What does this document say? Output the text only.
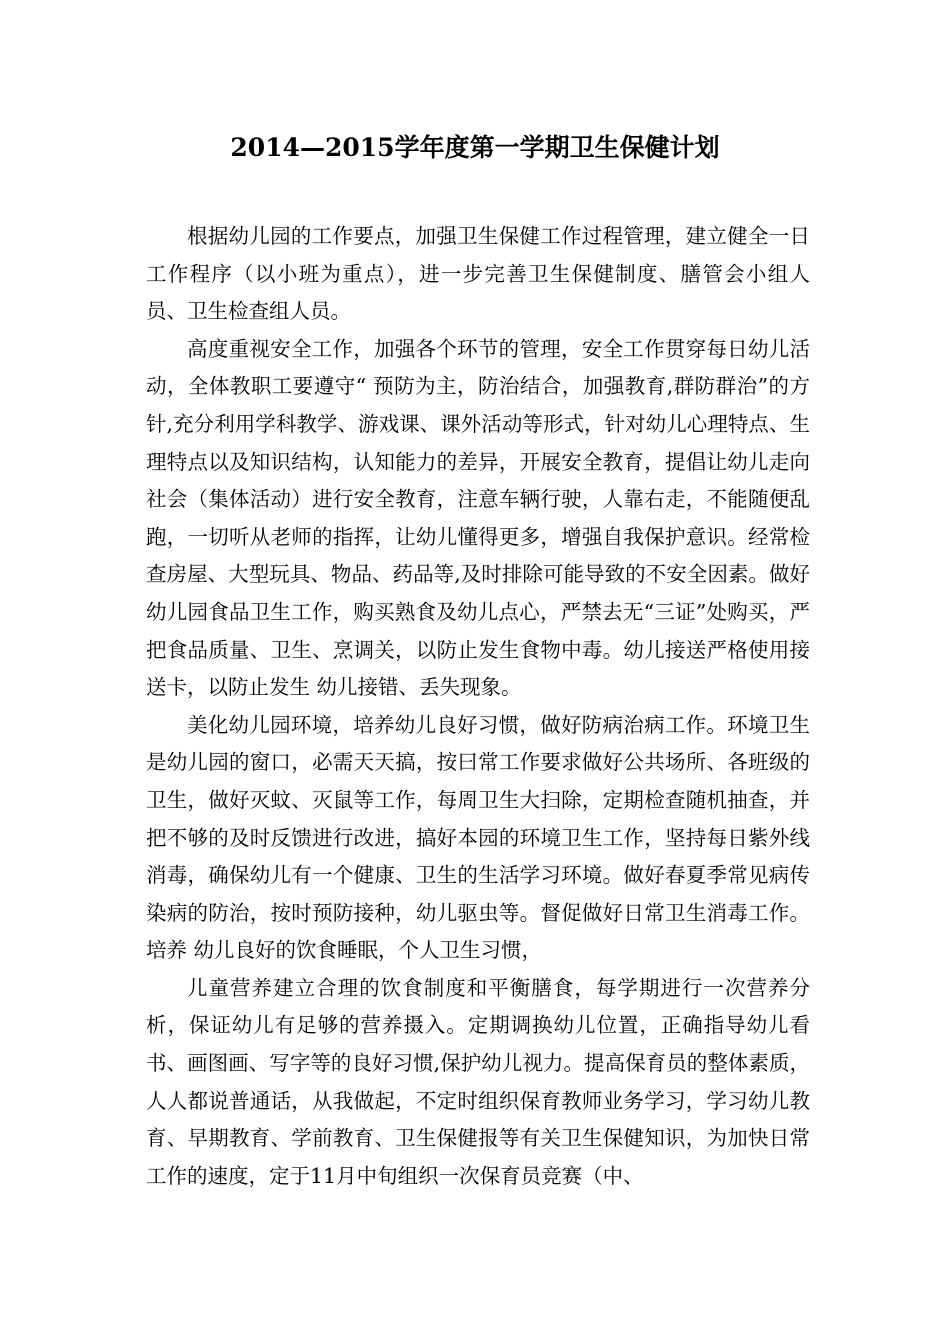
2014—2015学年度第一学期卫生保健计划

根据幼儿园的工作要点，加强卫生保健工作过程管理，建立健全一日工作程序（以小班为重点），进一步完善卫生保健制度、膳管会小组人员、卫生检查组人员。

高度重视安全工作，加强各个环节的管理，安全工作贯穿每日幼儿活动，全体教职工要遵守“ 预防为主，防治结合，加强教育,群防群治”的方针,充分利用学科教学、游戏课、课外活动等形式，针对幼儿心理特点、生理特点以及知识结构，认知能力的差异，开展安全教育，提倡让幼儿走向社会（集体活动）进行安全教育，注意车辆行驶，人靠右走，不能随便乱跑，一切听从老师的指挥，让幼儿懂得更多，增强自我保护意识。经常检查房屋、大型玩具、物品、药品等,及时排除可能导致的不安全因素。做好幼儿园食品卫生工作，购买熟食及幼儿点心，严禁去无“三证”处购买，严把食品质量、卫生、烹调关，以防止发生食物中毒。幼儿接送严格使用接送卡，以防止发生 幼儿接错、丢失现象。

美化幼儿园环境，培养幼儿良好习惯，做好防病治病工作。环境卫生是幼儿园的窗口，必需天天搞，按曰常工作要求做好公共场所、各班级的卫生，做好灭蚊、灭鼠等工作，每周卫生大扫除，定期检查随机抽查，并把不够的及时反馈进行改进，搞好本园的环境卫生工作，坚持每日紫外线消毒，确保幼儿有一个健康、卫生的生活学习环境。做好春夏季常见病传染病的防治，按时预防接种，幼儿驱虫等。督促做好日常卫生消毒工作。培养 幼儿良好的饮食睡眠，个人卫生习惯，

儿童营养建立合理的饮食制度和平衡膳食，每学期进行一次营养分析，保证幼儿有足够的营养摄入。定期调换幼儿位置，正确指导幼儿看书、画图画、写字等的良好习惯,保护幼儿视力。提高保育员的整体素质，人人都说普通话，从我做起，不定时组织保育教师业务学习，学习幼儿教育、早期教育、学前教育、卫生保健报等有关卫生保健知识，为加快日常工作的速度，定于11月中旬组织一次保育员竞赛（中、
